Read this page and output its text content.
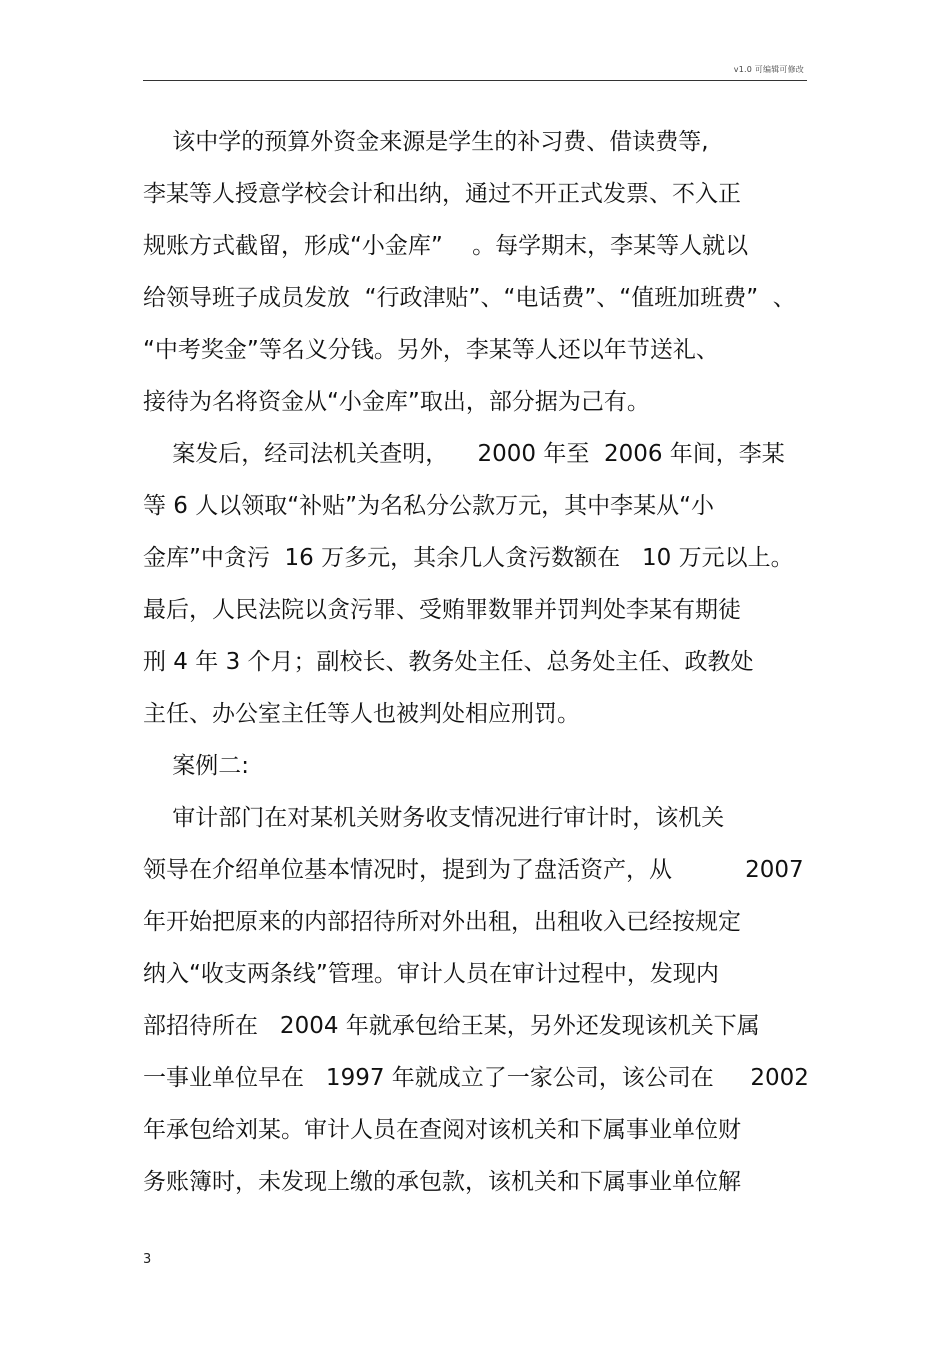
v1.0 可编辑可修改
该中学的预算外资金来源是学生的补习费、借读费等,
李某等人授意学校会计和出纳，通过不开正式发票、不入正
规账方式截留，形成“小金库”    。每学期末，李某等人就以
给领导班子成员发放  “行政津贴”、“电话费”、“值班加班费”  、
“中考奖金”等名义分钱。另外，李某等人还以年节送礼、
接待为名将资金从“小金库”取出，部分据为己有。
案发后，经司法机关查明，    2000 年至  2006 年间，李某
等 6 人以领取“补贴”为名私分公款万元，其中李某从“小
金库”中贪污  16 万多元，其余几人贪污数额在   10 万元以上。
最后，人民法院以贪污罪、受贿罪数罪并罚判处李某有期徒
刑 4 年 3 个月；副校长、教务处主任、总务处主任、政教处
主任、办公室主任等人也被判处相应刑罚。
案例二:
审计部门在对某机关财务收支情况进行审计时，该机关
领导在介绍单位基本情况时，提到为了盘活资产，从          2007
年开始把原来的内部招待所对外出租，出租收入已经按规定
纳入“收支两条线”管理。审计人员在审计过程中，发现内
部招待所在   2004 年就承包给王某，另外还发现该机关下属
一事业单位早在   1997 年就成立了一家公司，该公司在     2002
年承包给刘某。审计人员在查阅对该机关和下属事业单位财
务账簿时，未发现上缴的承包款，该机关和下属事业单位解
3
